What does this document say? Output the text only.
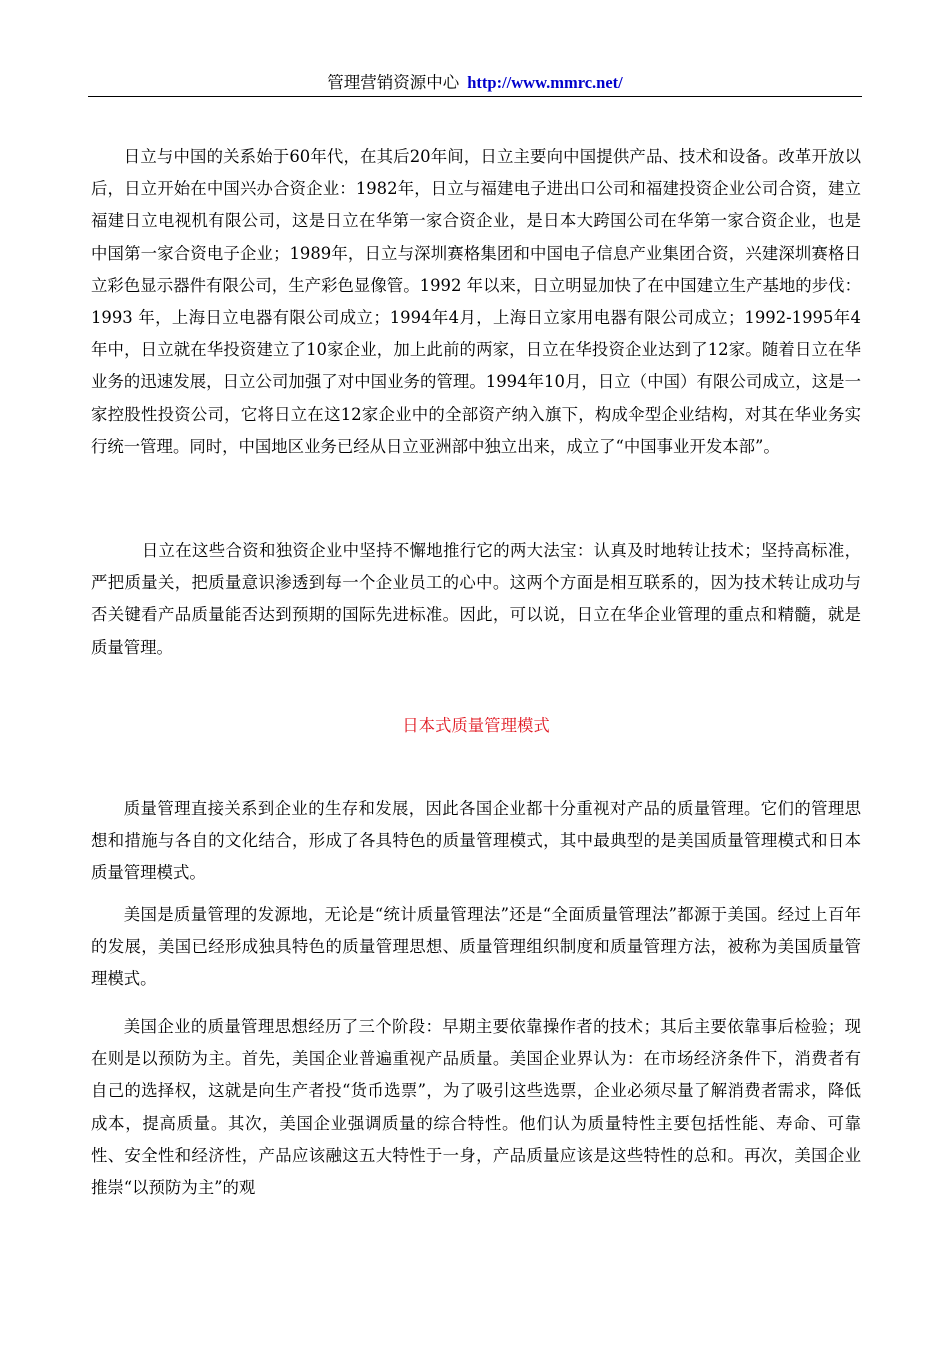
管理营销资源中心 http://www.mmrc.net/

日立与中国的关系始于60年代，在其后20年间，日立主要向中国提供产品、技术和设备。改革开放以后，日立开始在中国兴办合资企业：1982年，日立与福建电子进出口公司和福建投资企业公司合资，建立福建日立电视机有限公司，这是日立在华第一家合资企业，是日本大跨国公司在华第一家合资企业，也是中国第一家合资电子企业；1989年，日立与深圳赛格集团和中国电子信息产业集团合资，兴建深圳赛格日立彩色显示器件有限公司，生产彩色显像管。1992 年以来，日立明显加快了在中国建立生产基地的步伐：1993 年，上海日立电器有限公司成立；1994年4月，上海日立家用电器有限公司成立；1992-1995年4年中，日立就在华投资建立了10家企业，加上此前的两家，日立在华投资企业达到了12家。随着日立在华业务的迅速发展，日立公司加强了对中国业务的管理。1994年10月，日立（中国）有限公司成立，这是一家控股性投资公司，它将日立在这12家企业中的全部资产纳入旗下，构成伞型企业结构，对其在华业务实行统一管理。同时，中国地区业务已经从日立亚洲部中独立出来，成立了“中国事业开发本部”。

日立在这些合资和独资企业中坚持不懈地推行它的两大法宝：认真及时地转让技术；坚持高标准，严把质量关，把质量意识渗透到每一个企业员工的心中。这两个方面是相互联系的，因为技术转让成功与否关键看产品质量能否达到预期的国际先进标准。因此，可以说，日立在华企业管理的重点和精髓，就是质量管理。

日本式质量管理模式

质量管理直接关系到企业的生存和发展，因此各国企业都十分重视对产品的质量管理。它们的管理思想和措施与各自的文化结合，形成了各具特色的质量管理模式，其中最典型的是美国质量管理模式和日本质量管理模式。

美国是质量管理的发源地，无论是“统计质量管理法”还是“全面质量管理法”都源于美国。经过上百年的发展，美国已经形成独具特色的质量管理思想、质量管理组织制度和质量管理方法，被称为美国质量管理模式。

美国企业的质量管理思想经历了三个阶段：早期主要依靠操作者的技术；其后主要依靠事后检验；现在则是以预防为主。首先，美国企业普遍重视产品质量。美国企业界认为：在市场经济条件下，消费者有自己的选择权，这就是向生产者投“货币选票”，为了吸引这些选票，企业必须尽量了解消费者需求，降低成本，提高质量。其次，美国企业强调质量的综合特性。他们认为质量特性主要包括性能、寿命、可靠性、安全性和经济性，产品应该融这五大特性于一身，产品质量应该是这些特性的总和。再次，美国企业推崇“以预防为主”的观
